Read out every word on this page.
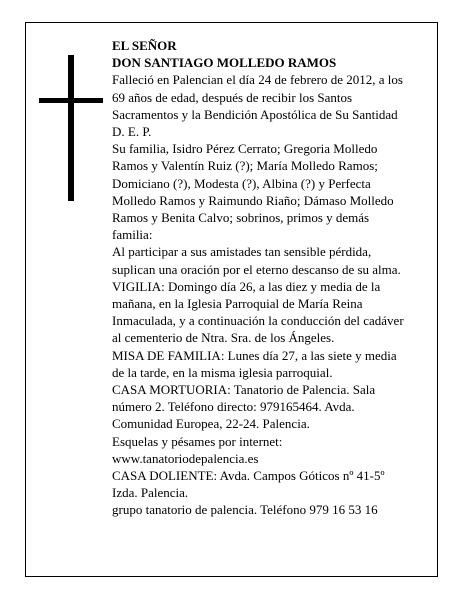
EL SEÑOR
DON SANTIAGO MOLLEDO RAMOS
Falleció en Palencian el día 24 de febrero de 2012, a los
69 años de edad, después de recibir los Santos
Sacramentos y la Bendición Apostólica de Su Santidad
D. E. P.
Su familia, Isidro Pérez Cerrato; Gregoria Molledo
Ramos y Valentín Ruiz (?); María Molledo Ramos;
Domiciano (?), Modesta (?), Albina (?) y Perfecta
Molledo Ramos y Raimundo Riaño; Dámaso Molledo
Ramos y Benita Calvo; sobrinos, primos y demás
familia:
Al participar a sus amistades tan sensible pérdida,
suplican una oración por el eterno descanso de su alma.
VIGILIA: Domingo día 26, a las diez y media de la
mañana, en la Iglesia Parroquial de María Reina
Inmaculada, y a continuación la conducción del cadáver
al cementerio de Ntra. Sra. de los Ángeles.
MISA DE FAMILIA: Lunes día 27, a las siete y media
de la tarde, en la misma iglesia parroquial.
CASA MORTUORIA: Tanatorio de Palencia. Sala
número 2. Teléfono directo: 979165464. Avda.
Comunidad Europea, 22-24. Palencia.
Esquelas y pésames por internet:
www.tanatoriodepalencia.es
CASA DOLIENTE: Avda. Campos Góticos nº 41-5º
Izda. Palencia.
grupo tanatorio de palencia. Teléfono 979 16 53 16
